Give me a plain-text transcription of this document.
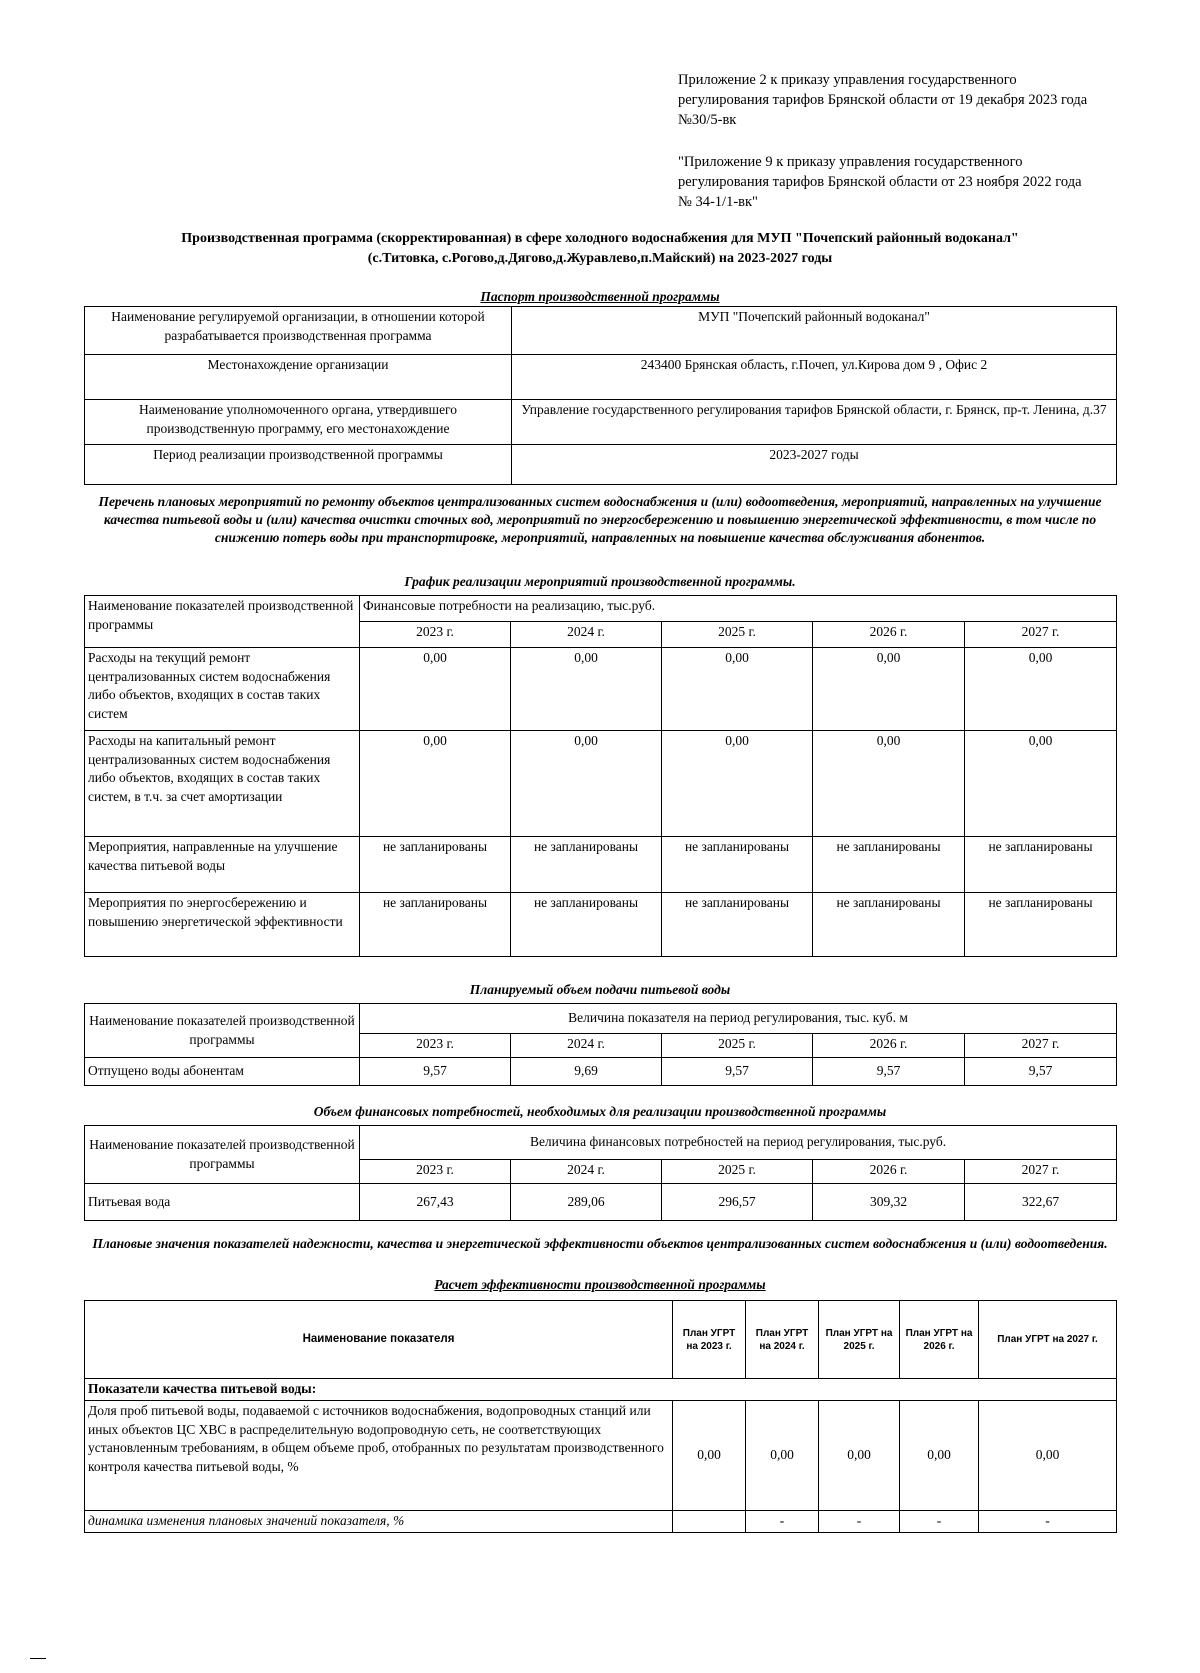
Приложение 2 к приказу управления государственного регулирования тарифов Брянской области от 19 декабря 2023 года №30/5-вк
"Приложение 9 к приказу управления государственного регулирования тарифов Брянской области от 23 ноября 2022 года № 34-1/1-вк"
Производственная программа (скорректированная) в сфере холодного водоснабжения для МУП "Почепский районный водоканал"
(с.Титовка, с.Рогово,д.Дягово,д.Журавлево,п.Майский) на 2023-2027 годы
Паспорт производственной программы
Наименование регулируемой организации, в отношении которой разрабатывается производственная программа	МУП "Почепский районный водоканал"
Местонахождение организации	243400 Брянская область, г.Почеп, ул.Кирова дом 9 , Офис 2
Наименование уполномоченного органа, утвердившего производственную программу, его местонахождение	Управление государственного регулирования тарифов Брянской области, г. Брянск, пр-т. Ленина, д.37
Период реализации производственной программы	2023-2027 годы
Перечень плановых мероприятий по ремонту объектов централизованных систем водоснабжения и (или) водоотведения, мероприятий, направленных на улучшение качества питьевой воды и (или) качества очистки сточных вод, мероприятий по энергосбережению и повышению энергетической эффективности, в том числе по снижению потерь воды при транспортировке, мероприятий, направленных на повышение качества обслуживания абонентов.
График реализации мероприятий производственной программы.
Наименование показателей производственной программы	Финансовые потребности на реализацию, тыс.руб.				
	2023 г.	2024 г.	2025 г.	2026 г.	2027 г.
Расходы на текущий ремонт централизованных систем водоснабжения либо объектов, входящих в состав таких систем	0,00	0,00	0,00	0,00	0,00
Расходы на капитальный ремонт централизованных систем водоснабжения либо объектов, входящих в состав таких систем, в т.ч. за счет амортизации	0,00	0,00	0,00	0,00	0,00
Мероприятия, направленные на улучшение качества питьевой воды	не запланированы	не запланированы	не запланированы	не запланированы	не запланированы
Мероприятия по энергосбережению и повышению энергетической эффективности	не запланированы	не запланированы	не запланированы	не запланированы	не запланированы
Планируемый объем подачи питьевой воды
Наименование показателей производственной программы	Величина показателя на период регулирования, тыс. куб. м				
	2023 г.	2024 г.	2025 г.	2026 г.	2027 г.
Отпущено воды абонентам	9,57	9,69	9,57	9,57	9,57
Объем финансовых потребностей, необходимых для реализации производственной программы
Наименование показателей производственной программы	Величина финансовых потребностей на период регулирования, тыс.руб.				
	2023 г.	2024 г.	2025 г.	2026 г.	2027 г.
Питьевая вода	267,43	289,06	296,57	309,32	322,67
Плановые значения показателей надежности, качества и энергетической эффективности объектов централизованных систем водоснабжения и (или) водоотведения.
Расчет эффективности производственной программы
Наименование показателя	План УГРТ на 2023 г.	План УГРТ на 2024 г.	План УГРТ на 2025 г.	План УГРТ на 2026 г.	План УГРТ на 2027 г.
Показатели качества питьевой воды:					
Доля проб питьевой воды, подаваемой с источников водоснабжения, водопроводных станций или иных объектов ЦС ХВС в распределительную водопроводную сеть, не соответствующих установленным требованиям, в общем объеме проб, отобранных по результатам производственного контроля качества питьевой воды, %	0,00	0,00	0,00	0,00	0,00
динамика изменения плановых значений показателя, %		-	-	-	-
